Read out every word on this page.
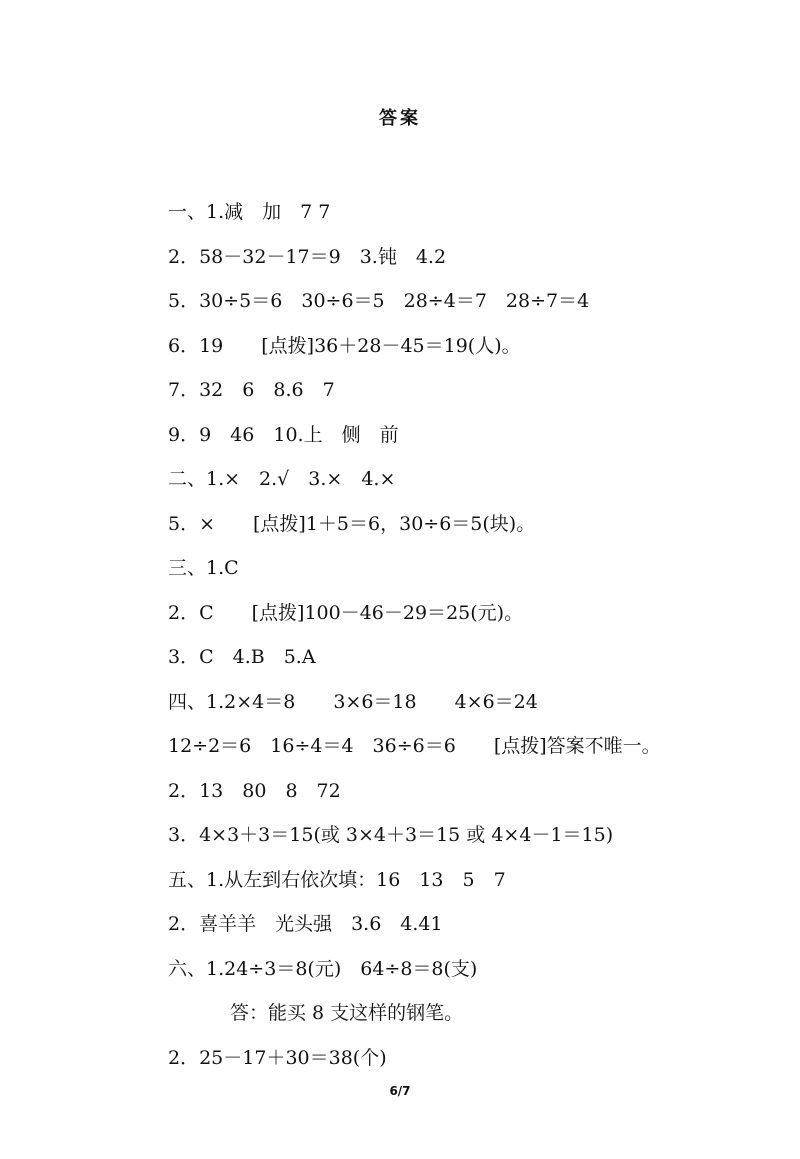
答案
一、1.减　加　7 7
2．58－32－17＝9　3.钝　4.2
5．30÷5＝6　30÷6＝5　28÷4＝7　28÷7＝4
6．19　　[点拨]36＋28－45＝19(人)。
7．32　6　8.6　7
9．9　46　10.上　侧　前
二、1.×　2.√　3.×　4.×
5．×　　[点拨]1＋5＝6，30÷6＝5(块)。
三、1.C
2．C　　[点拨]100－46－29＝25(元)。
3．C　4.B　5.A
四、1.2×4＝8　　3×6＝18　　4×6＝24
12÷2＝6　16÷4＝4　36÷6＝6　　[点拨]答案不唯一。
2．13　80　8　72
3．4×3＋3＝15(或 3×4＋3＝15 或 4×4－1＝15)
五、1.从左到右依次填：16　13　5　7
2．喜羊羊　光头强　3.6　4.41
六、1.24÷3＝8(元)　64÷8＝8(支)
答：能买 8 支这样的钢笔。
2．25－17＋30＝38(个)
6/7
